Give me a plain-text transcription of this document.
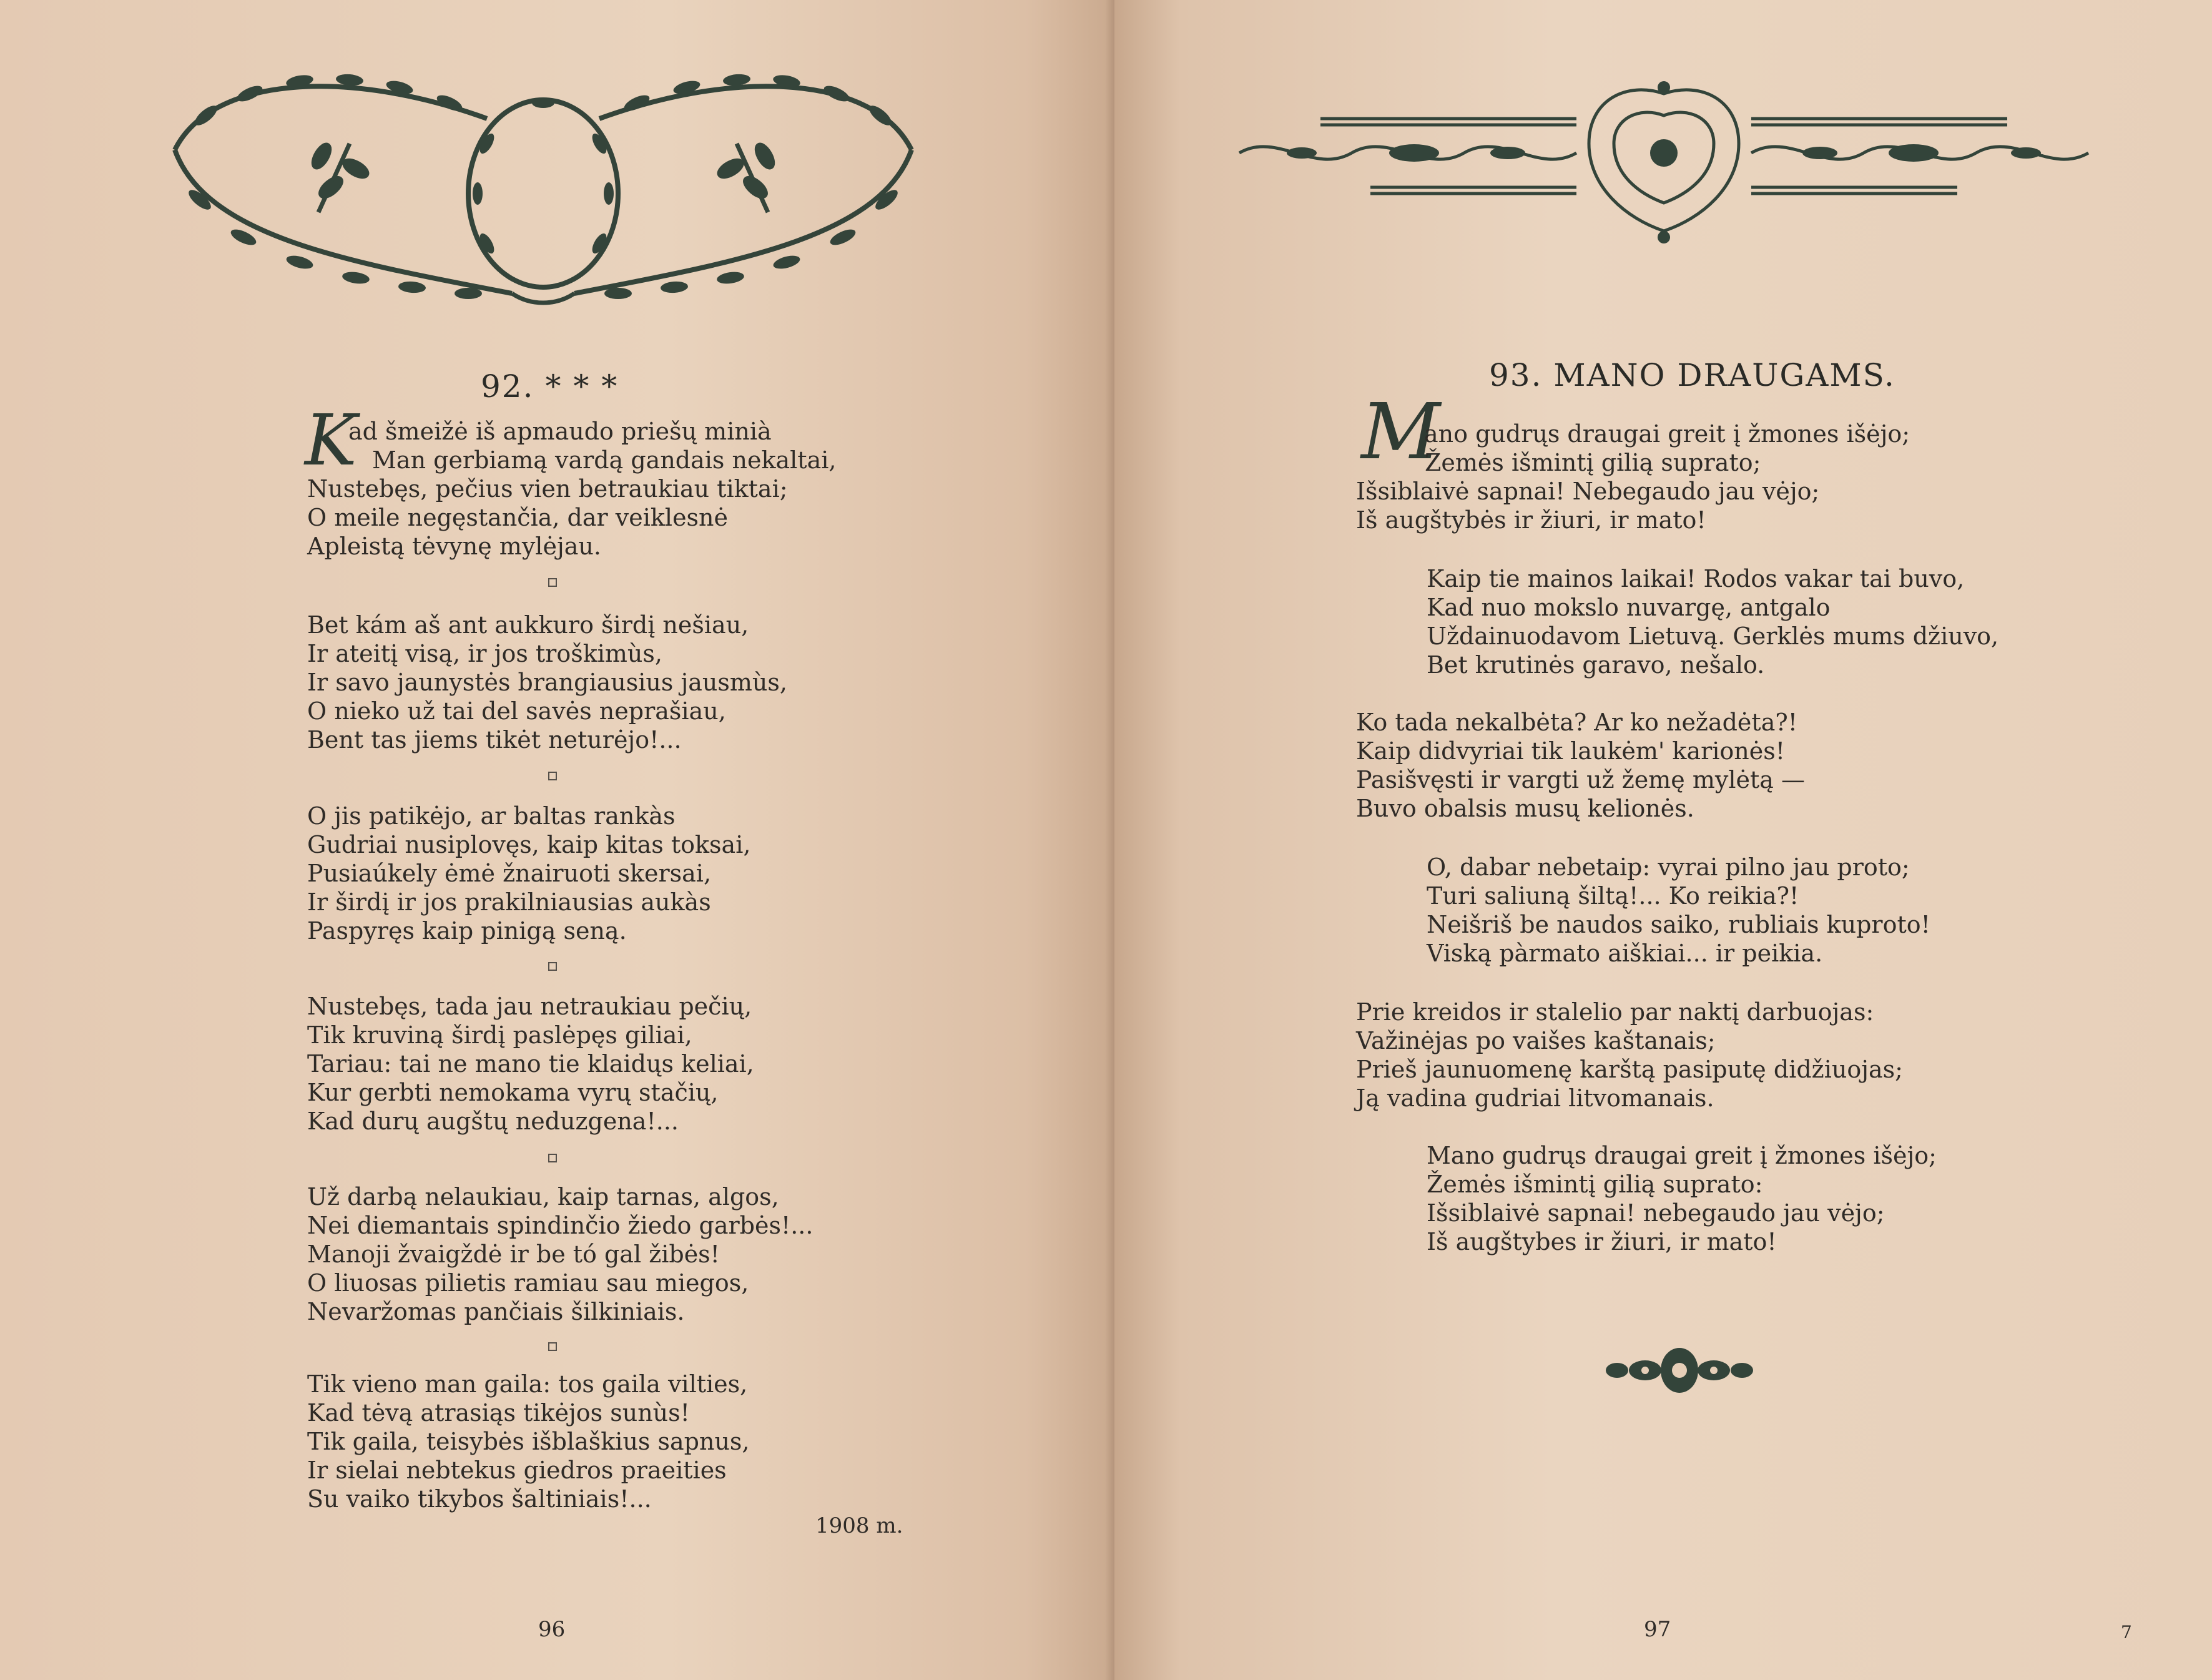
92. * * *
K
ad šmeižė iš apmaudo priešų minià
Man gerbiamą vardą gandais nekaltai,
Nustebęs, pečius vien betraukiau tiktai;
O meile negęstančia, dar veiklesnė
Apleistą tėvynę mylėjau.
Bet kám aš ant aukkuro širdį nešiau,
Ir ateitį visą, ir jos troškimùs,
Ir savo jaunystės brangiausius jausmùs,
O nieko už tai del savės neprašiau,
Bent tas jiems tikėt neturėjo!...
O jis patikėjo, ar baltas rankàs
Gudriai nusiplovęs, kaip kitas toksai,
Pusiaúkely ėmė žnairuoti skersai,
Ir širdį ir jos prakilniausias aukàs
Paspyręs kaip pinigą seną.
Nustebęs, tada jau netraukiau pečių,
Tik kruviną širdį paslėpęs giliai,
Tariau: tai ne mano tie klaidųs keliai,
Kur gerbti nemokama vyrų stačių,
Kad durų augštų neduzgena!...
Už darbą nelaukiau, kaip tarnas, algos,
Nei diemantais spindinčio žiedo garbės!...
Manoji žvaigždė ir be tó gal žibės!
O liuosas pilietis ramiau sau miegos,
Nevaržomas pančiais šilkiniais.
Tik vieno man gaila: tos gaila vilties,
Kad tėvą atrasiąs tikėjos sunùs!
Tik gaila, teisybės išblaškius sapnus,
Ir sielai nebtekus giedros praeities
Su vaiko tikybos šaltiniais!...
1908 m.
96
93. MANO DRAUGAMS.
M
ano gudrųs draugai greit į žmones išėjo;
Žemės išmintį gilią suprato;
Išsiblaivė sapnai! Nebegaudo jau vėjo;
Iš augštybės ir žiuri, ir mato!
Kaip tie mainos laikai! Rodos vakar tai buvo,
Kad nuo mokslo nuvargę, antgalo
Uždainuodavom Lietuvą. Gerklės mums džiuvo,
Bet krutinės garavo, nešalo.
Ko tada nekalbėta? Ar ko nežadėta?!
Kaip didvyriai tik laukėm' karionės!
Pasišvęsti ir vargti už žemę mylėtą —
Buvo obalsis musų kelionės.
O, dabar nebetaip: vyrai pilno jau proto;
Turi saliuną šiltą!... Ko reikia?!
Neišriš be naudos saiko, rubliais kuproto!
Viską pàrmato aiškiai... ir peikia.
Prie kreidos ir stalelio par naktį darbuojas:
Važinėjas po vaišes kaštanais;
Prieš jaunuomenę karštą pasiputę didžiuojas;
Ją vadina gudriai litvomanais.
Mano gudrųs draugai greit į žmones išėjo;
Žemės išmintį gilią suprato:
Išsiblaivė sapnai! nebegaudo jau vėjo;
Iš augštybes ir žiuri, ir mato!
97	7
